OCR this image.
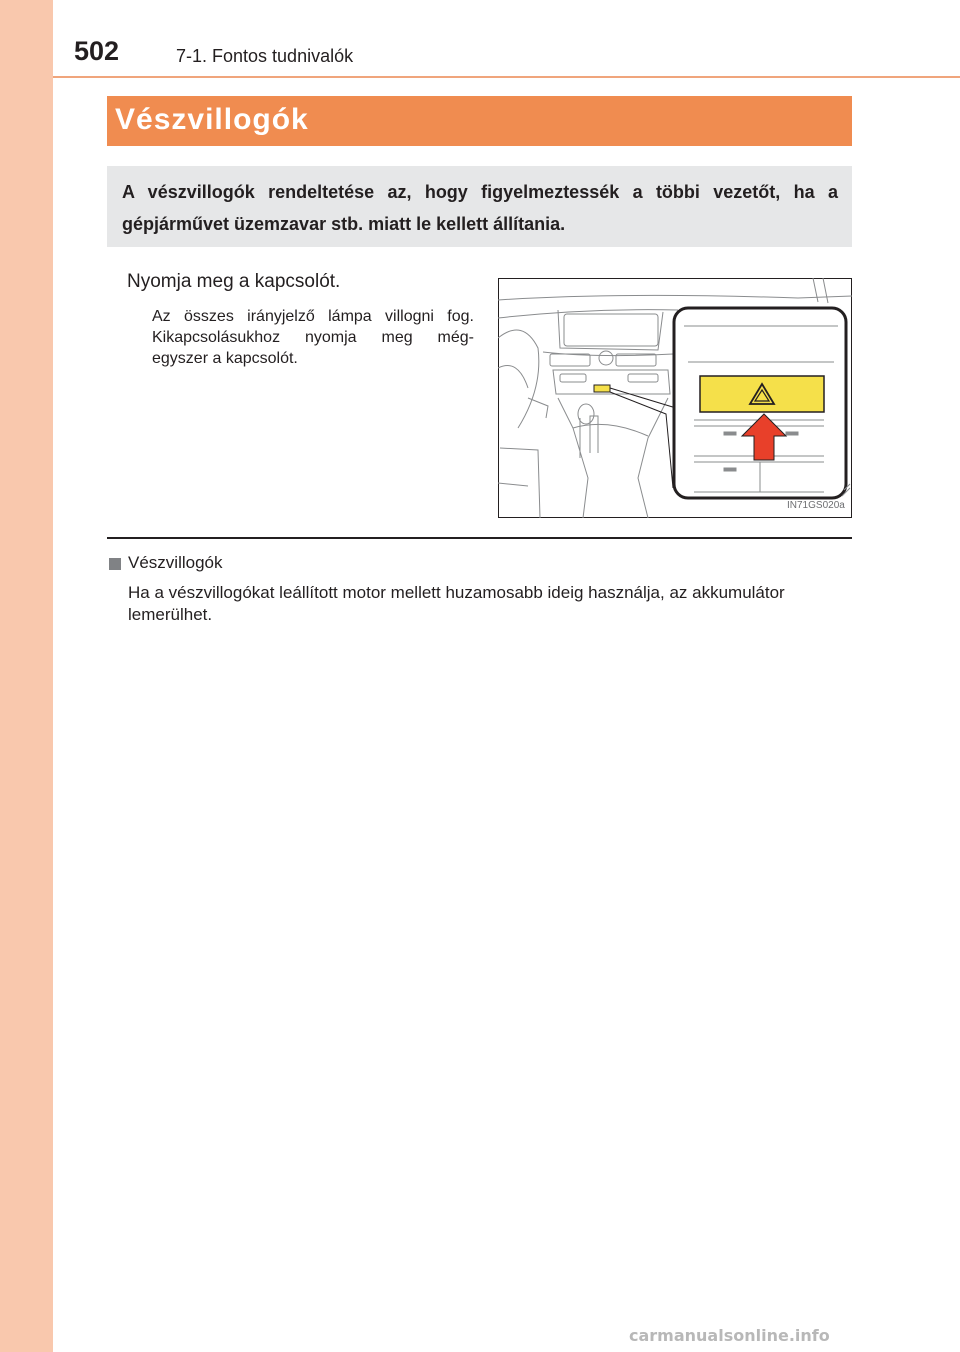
502	7-1. Fontos tudnivalók
Vészvillogók
A vészvillogók rendeltetése az, hogy figyelmeztessék a többi vezetőt, ha a gépjárművet üzemzavar stb. miatt le kellett állítania.
Nyomja meg a kapcsolót.
Az összes irányjelző lámpa villogni fog.
Kikapcsolásukhoz nyomja meg még-
egyszer a kapcsolót.
IN71GS020a
Vészvillogók
Ha a vészvillogókat leállított motor mellett huzamosabb ideig használja, az akkumulátor lemerülhet.
carmanualsonline.info
